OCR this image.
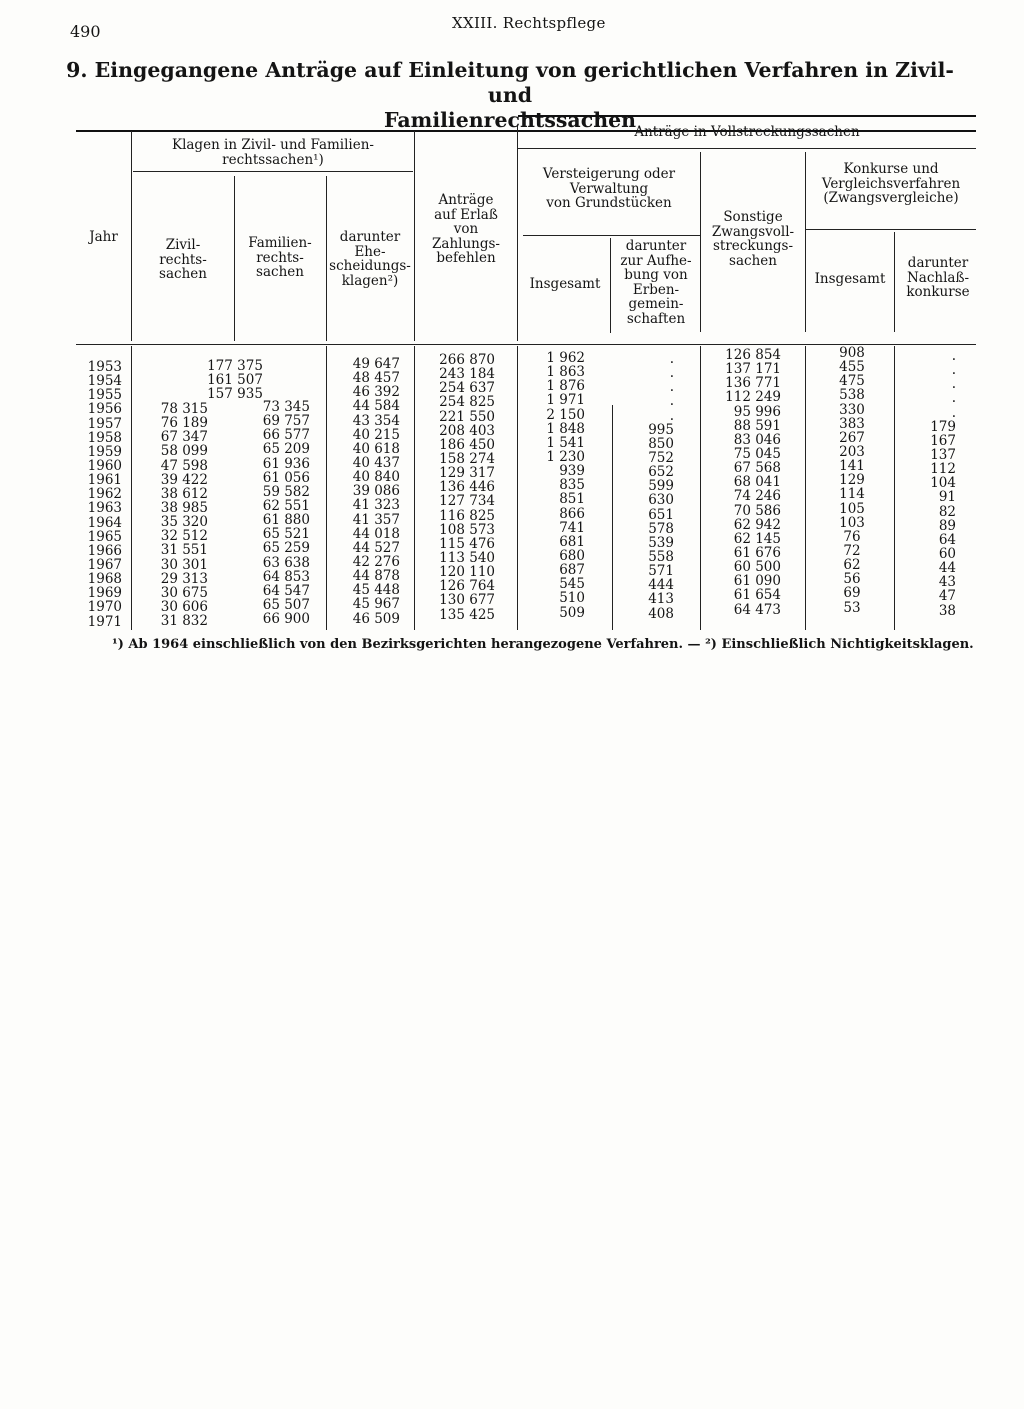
490	XXIII. Rechtspflege
9. Eingegangene Anträge auf Einleitung von gerichtlichen Verfahren in Zivil- und
Familienrechtssachen
Jahr
Klagen in Zivil- und Familien-
rechtssachen¹)
Zivil-
rechts-
sachen
Familien-
rechts-
sachen
darunter
Ehe-
scheidungs-
klagen²)
Anträge
auf Erlaß
von
Zahlungs-
befehlen
Anträge in Vollstreckungssachen
Versteigerung oder
Verwaltung
von Grundstücken
Insgesamt
darunter
zur Aufhe-
bung von
Erben-
gemein-
schaften
Sonstige
Zwangsvoll-
streckungs-
sachen
Konkurse und
Vergleichsverfahren
(Zwangsvergleiche)
Insgesamt
darunter
Nachlaß-
konkurse
1953
1954
1955
1956
1957
1958
1959
1960
1961
1962
1963
1964
1965
1966
1967
1968
1969
1970
1971
177 375
161 507
157 935
78 315
76 189
67 347
58 099
47 598
39 422
38 612
38 985
35 320
32 512
31 551
30 301
29 313
30 675
30 606
31 832
73 345
69 757
66 577
65 209
61 936
61 056
59 582
62 551
61 880
65 521
65 259
63 638
64 853
64 547
65 507
66 900
49 647
48 457
46 392
44 584
43 354
40 215
40 618
40 437
40 840
39 086
41 323
41 357
44 018
44 527
42 276
44 878
45 448
45 967
46 509
266 870
243 184
254 637
254 825
221 550
208 403
186 450
158 274
129 317
136 446
127 734
116 825
108 573
115 476
113 540
120 110
126 764
130 677
135 425
1 962
1 863
1 876
1 971
2 150
1 848
1 541
1 230
939
835
851
866
741
681
680
687
545
510
509
.
.
.
.
.
995
850
752
652
599
630
651
578
539
558
571
444
413
408
126 854
137 171
136 771
112 249
95 996
88 591
83 046
75 045
67 568
68 041
74 246
70 586
62 942
62 145
61 676
60 500
61 090
61 654
64 473
908
455
475
538
330
383
267
203
141
129
114
105
103
76
72
62
56
69
53
.
.
.
.
.
179
167
137
112
104
91
82
89
64
60
44
43
47
38
¹) Ab 1964 einschließlich von den Bezirksgerichten herangezogene Verfahren. — ²) Einschließlich Nichtigkeitsklagen.
